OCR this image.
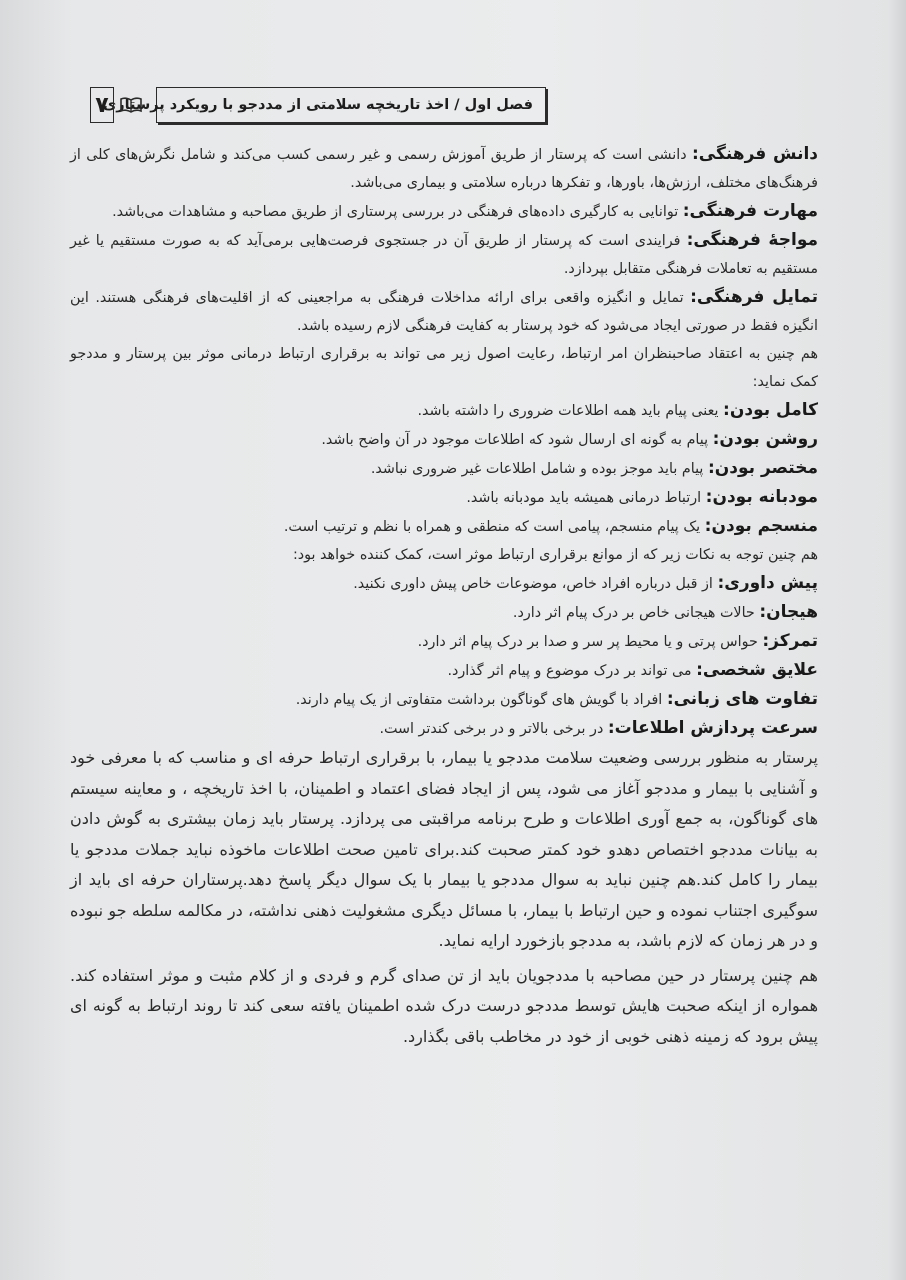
فصل اول / اخذ تاریخچه سلامتی از مددجو با رویکرد پرستاری
۷

دانش فرهنگی: دانشی است که پرستار از طریق آموزش رسمی و غیر رسمی کسب می‌کند و شامل نگرش‌های کلی از فرهنگ‌های مختلف، ارزش‌ها، باورها، و تفکرها درباره سلامتی و بیماری می‌باشد.

مهارت فرهنگی: توانایی به کارگیری داده‌های فرهنگی در بررسی پرستاری از طریق مصاحبه و مشاهدات می‌باشد.

مواجهٔ فرهنگی: فرایندی است که پرستار از طریق آن در جستجوی فرصت‌هایی برمی‌آید که به صورت مستقیم یا غیر مستقیم به تعاملات فرهنگی متقابل بپردازد.

تمایل فرهنگی: تمایل و انگیزه واقعی برای ارائه مداخلات فرهنگی به مراجعینی که از اقلیت‌های فرهنگی هستند. این انگیزه فقط در صورتی ایجاد می‌شود که خود پرستار به کفایت فرهنگی لازم رسیده باشد.

هم چنین به اعتقاد صاحبنظران امر ارتباط، رعایت اصول زیر می تواند به برقراری ارتباط درمانی موثر بین پرستار و مددجو کمک نماید:

کامل بودن: یعنی پیام باید همه اطلاعات ضروری را داشته باشد.

روشن بودن: پیام به گونه ای ارسال شود که اطلاعات موجود در آن واضح باشد.

مختصر بودن: پیام باید موجز بوده و شامل اطلاعات غیر ضروری نباشد.

مودبانه بودن: ارتباط درمانی همیشه باید مودبانه باشد.

منسجم بودن: یک پیام منسجم، پیامی است که منطقی و همراه با نظم و ترتیب است.

هم چنین توجه به نکات زیر که از موانع برقراری ارتباط موثر است، کمک کننده خواهد بود:

پیش داوری: از قبل درباره افراد خاص، موضوعات خاص پیش داوری نکنید.

هیجان: حالات هیجانی خاص بر درک پیام اثر دارد.

تمرکز: حواس پرتی و یا محیط پر سر و صدا بر درک پیام اثر دارد.

علایق شخصی: می تواند بر درک موضوع و پیام اثر گذارد.

تفاوت های زبانی: افراد با گویش های گوناگون برداشت متفاوتی از یک پیام دارند.

سرعت پردازش اطلاعات: در برخی بالاتر و در برخی کندتر است.

پرستار به منظور بررسی وضعیت سلامت مددجو یا بیمار، با برقراری ارتباط حرفه ای و مناسب که با معرفی خود و آشنایی با بیمار و مددجو آغاز می شود، پس از ایجاد فضای اعتماد و اطمینان، با اخذ تاریخچه ، و معاینه سیستم های گوناگون، به جمع آوری اطلاعات و طرح برنامه مراقبتی می پردازد. پرستار باید زمان بیشتری به گوش دادن به بیانات مددجو اختصاص دهدو خود کمتر صحبت کند.برای تامین صحت اطلاعات ماخوذه نباید جملات مددجو یا بیمار را کامل کند.هم چنین نباید به سوال مددجو یا بیمار با یک سوال دیگر پاسخ دهد.پرستاران حرفه ای باید از سوگیری اجتناب نموده و حین ارتباط با بیمار، با مسائل دیگری مشغولیت ذهنی نداشته، در مکالمه سلطه جو نبوده و در هر زمان که لازم باشد، به مددجو بازخورد ارایه نماید.

هم چنین پرستار در حین مصاحبه با مددجویان باید از تن صدای گرم و فردی و از کلام مثبت و موثر استفاده کند. همواره از اینکه صحبت هایش توسط مددجو درست درک شده اطمینان یافته سعی کند تا روند ارتباط به گونه ای پیش برود که زمینه ذهنی خوبی از خود در مخاطب باقی بگذارد.
